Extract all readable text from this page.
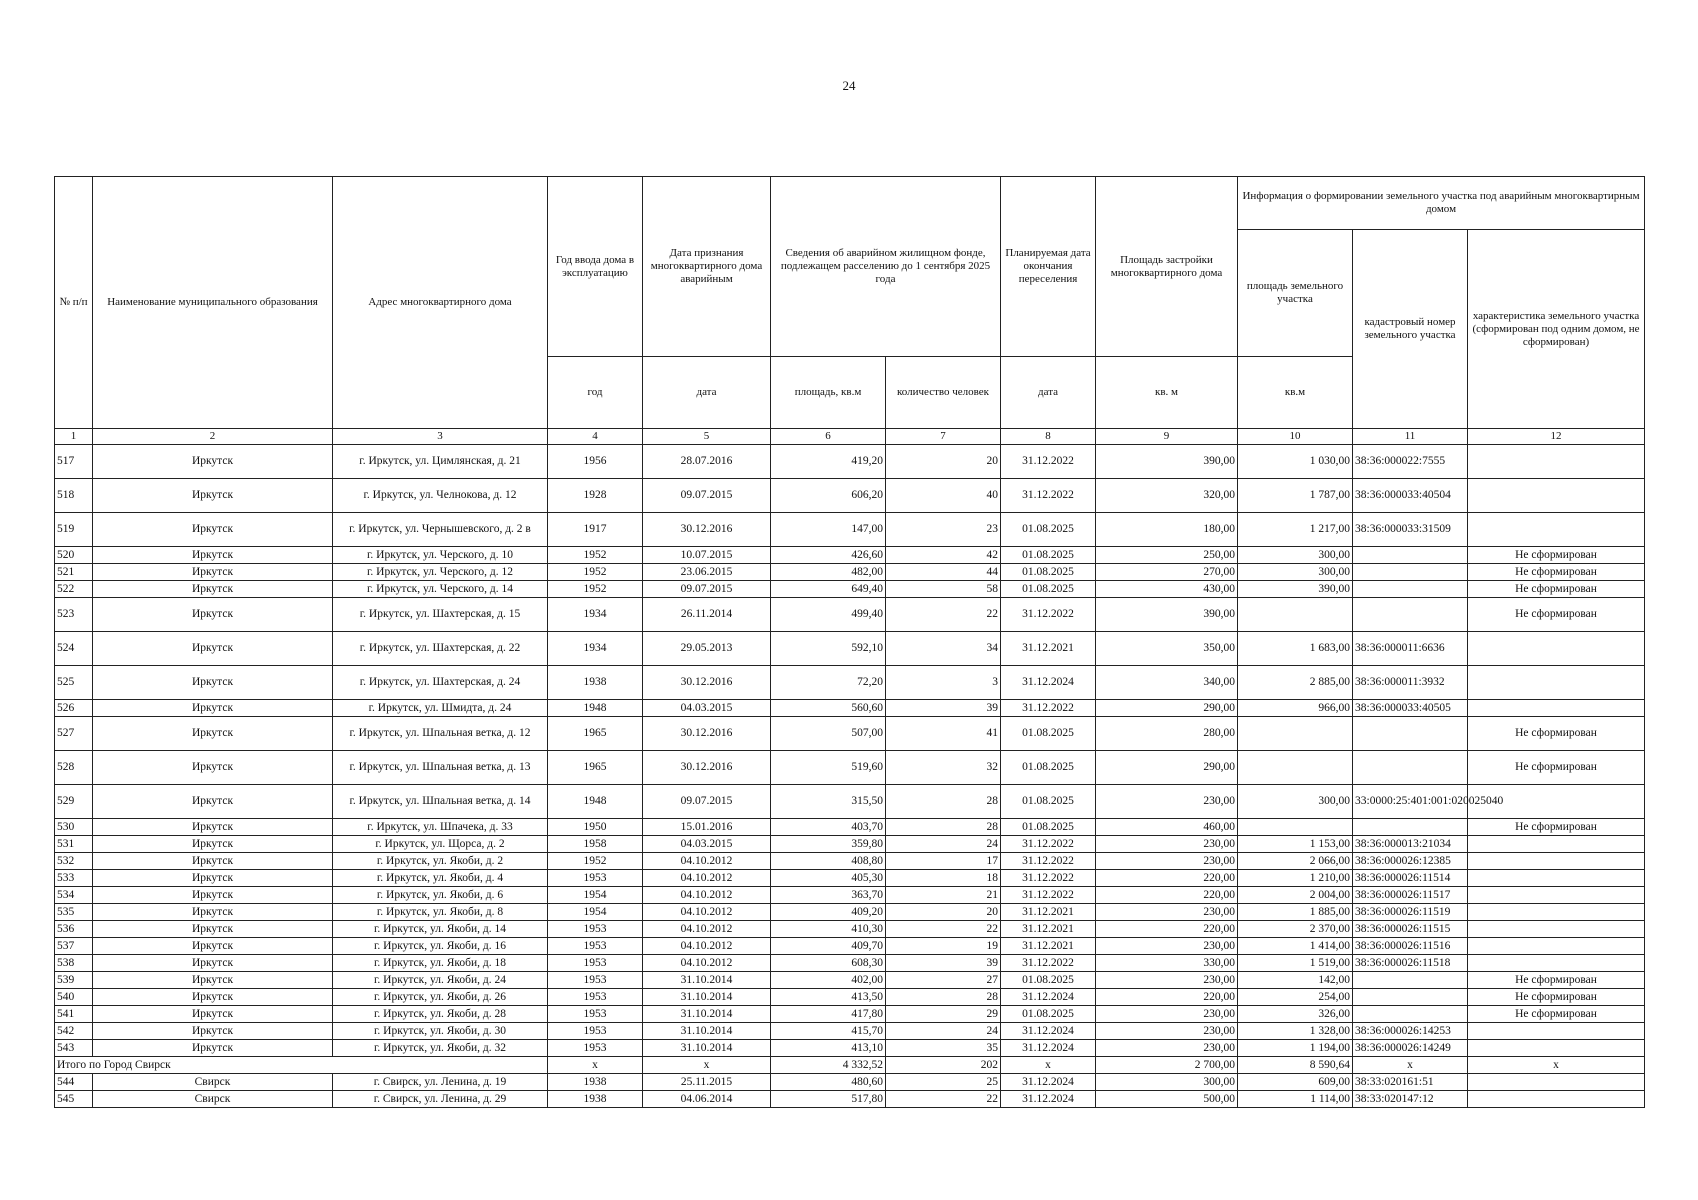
24
№ п/п	Наименование муниципального образования	Адрес многоквартирного дома	Год ввода дома в эксплуатацию	Дата признания многоквартирного дома аварийным	Сведения об аварийном жилищном фонде, подлежащем расселению до 1 сентября 2025 года		Планируемая дата окончания переселения	Площадь застройки многоквартирного дома	Информация о формировании земельного участка под аварийным многоквартирным домом		
									площадь земельного участка	кадастровый номер земельного участка	характеристика земельного участка (сформирован под одним домом, не сформирован)
			год	дата	площадь, кв.м	количество человек	дата	кв. м	кв.м		
1	2	3	4	5	6	7	8	9	10	11	12
517	Иркутск	г. Иркутск, ул. Цимлянская, д. 21	1956	28.07.2016	419,20	20	31.12.2022	390,00	1 030,00	38:36:000022:7555	
518	Иркутск	г. Иркутск, ул. Челнокова, д. 12	1928	09.07.2015	606,20	40	31.12.2022	320,00	1 787,00	38:36:000033:40504	
519	Иркутск	г. Иркутск, ул. Чернышевского, д. 2 в	1917	30.12.2016	147,00	23	01.08.2025	180,00	1 217,00	38:36:000033:31509	
520	Иркутск	г. Иркутск, ул. Черского, д. 10	1952	10.07.2015	426,60	42	01.08.2025	250,00	300,00		Не сформирован
521	Иркутск	г. Иркутск, ул. Черского, д. 12	1952	23.06.2015	482,00	44	01.08.2025	270,00	300,00		Не сформирован
522	Иркутск	г. Иркутск, ул. Черского, д. 14	1952	09.07.2015	649,40	58	01.08.2025	430,00	390,00		Не сформирован
523	Иркутск	г. Иркутск, ул. Шахтерская, д. 15	1934	26.11.2014	499,40	22	31.12.2022	390,00			Не сформирован
524	Иркутск	г. Иркутск, ул. Шахтерская, д. 22	1934	29.05.2013	592,10	34	31.12.2021	350,00	1 683,00	38:36:000011:6636	
525	Иркутск	г. Иркутск, ул. Шахтерская, д. 24	1938	30.12.2016	72,20	3	31.12.2024	340,00	2 885,00	38:36:000011:3932	
526	Иркутск	г. Иркутск, ул. Шмидта, д. 24	1948	04.03.2015	560,60	39	31.12.2022	290,00	966,00	38:36:000033:40505	
527	Иркутск	г. Иркутск, ул. Шпальная ветка, д. 12	1965	30.12.2016	507,00	41	01.08.2025	280,00			Не сформирован
528	Иркутск	г. Иркутск, ул. Шпальная ветка, д. 13	1965	30.12.2016	519,60	32	01.08.2025	290,00			Не сформирован
529	Иркутск	г. Иркутск, ул. Шпальная ветка, д. 14	1948	09.07.2015	315,50	28	01.08.2025	230,00	300,00	33:0000:25:401:001:020025040	
530	Иркутск	г. Иркутск, ул. Шпачека, д. 33	1950	15.01.2016	403,70	28	01.08.2025	460,00			Не сформирован
531	Иркутск	г. Иркутск, ул. Щорса, д. 2	1958	04.03.2015	359,80	24	31.12.2022	230,00	1 153,00	38:36:000013:21034	
532	Иркутск	г. Иркутск, ул. Якоби, д. 2	1952	04.10.2012	408,80	17	31.12.2022	230,00	2 066,00	38:36:000026:12385	
533	Иркутск	г. Иркутск, ул. Якоби, д. 4	1953	04.10.2012	405,30	18	31.12.2022	220,00	1 210,00	38:36:000026:11514	
534	Иркутск	г. Иркутск, ул. Якоби, д. 6	1954	04.10.2012	363,70	21	31.12.2022	220,00	2 004,00	38:36:000026:11517	
535	Иркутск	г. Иркутск, ул. Якоби, д. 8	1954	04.10.2012	409,20	20	31.12.2021	230,00	1 885,00	38:36:000026:11519	
536	Иркутск	г. Иркутск, ул. Якоби, д. 14	1953	04.10.2012	410,30	22	31.12.2021	220,00	2 370,00	38:36:000026:11515	
537	Иркутск	г. Иркутск, ул. Якоби, д. 16	1953	04.10.2012	409,70	19	31.12.2021	230,00	1 414,00	38:36:000026:11516	
538	Иркутск	г. Иркутск, ул. Якоби, д. 18	1953	04.10.2012	608,30	39	31.12.2022	330,00	1 519,00	38:36:000026:11518	
539	Иркутск	г. Иркутск, ул. Якоби, д. 24	1953	31.10.2014	402,00	27	01.08.2025	230,00	142,00		Не сформирован
540	Иркутск	г. Иркутск, ул. Якоби, д. 26	1953	31.10.2014	413,50	28	31.12.2024	220,00	254,00		Не сформирован
541	Иркутск	г. Иркутск, ул. Якоби, д. 28	1953	31.10.2014	417,80	29	01.08.2025	230,00	326,00		Не сформирован
542	Иркутск	г. Иркутск, ул. Якоби, д. 30	1953	31.10.2014	415,70	24	31.12.2024	230,00	1 328,00	38:36:000026:14253	
543	Иркутск	г. Иркутск, ул. Якоби, д. 32	1953	31.10.2014	413,10	35	31.12.2024	230,00	1 194,00	38:36:000026:14249	
Итого по Город Свирск			x	x	4 332,52	202	x	2 700,00	8 590,64	x	x
544	Свирск	г. Свирск, ул. Ленина, д. 19	1938	25.11.2015	480,60	25	31.12.2024	300,00	609,00	38:33:020161:51	
545	Свирск	г. Свирск, ул. Ленина, д. 29	1938	04.06.2014	517,80	22	31.12.2024	500,00	1 114,00	38:33:020147:12	
